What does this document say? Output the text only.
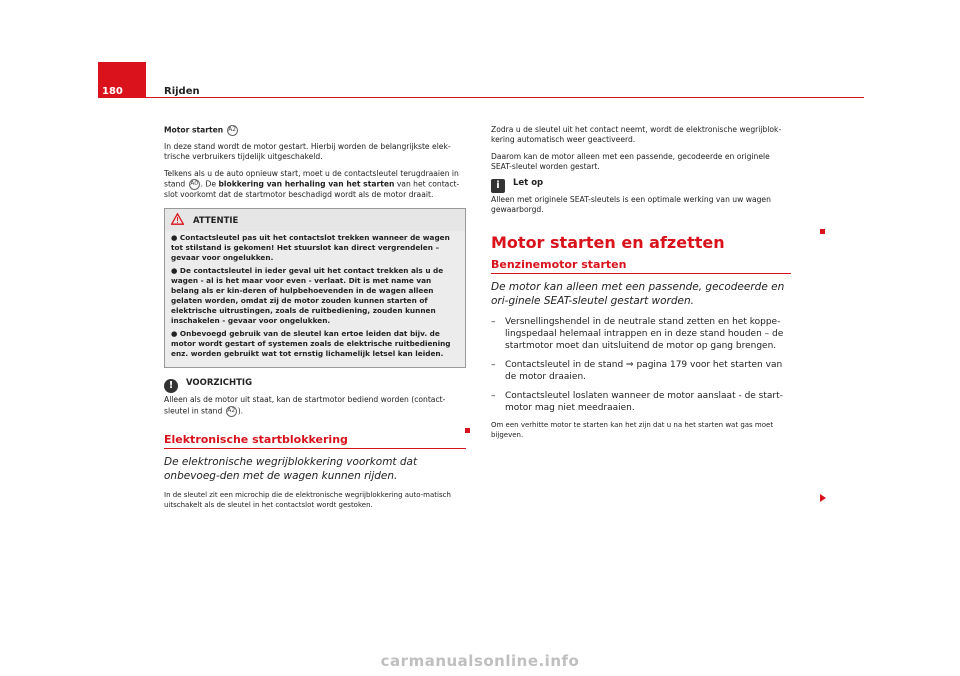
180	Rijden

Motor starten A2

In deze stand wordt de motor gestart. Hierbij worden de belangrijkste elek-trische verbruikers tijdelijk uitgeschakeld.

Telkens als u de auto opnieuw start, moet u de contactsleutel terugdraaien in stand A0 . De blokkering van herhaling van het starten van het contact-slot voorkomt dat de startmotor beschadigd wordt als de motor draait.

ATTENTIE
● Contactsleutel pas uit het contactslot trekken wanneer de wagen tot stilstand is gekomen! Het stuurslot kan direct vergrendelen – gevaar voor ongelukken.
● De contactsleutel in ieder geval uit het contact trekken als u de wagen - al is het maar voor even - verlaat. Dit is met name van belang als er kin-deren of hulpbehoevenden in de wagen alleen gelaten worden, omdat zij de motor zouden kunnen starten of elektrische uitrustingen, zoals de ruitbediening, zouden kunnen inschakelen - gevaar voor ongelukken.
● Onbevoegd gebruik van de sleutel kan ertoe leiden dat bijv. de motor wordt gestart of systemen zoals de elektrische ruitbediening enz. worden gebruikt wat tot ernstig lichamelijk letsel kan leiden.
! VOORZICHTIG

Alleen als de motor uit staat, kan de startmotor bediend worden (contact-sleutel in stand A2 ).

Elektronische startblokkering
De elektronische wegrijblokkering voorkomt dat onbevoeg-den met de wagen kunnen rijden.

In de sleutel zit een microchip die de elektronische wegrijblokkering auto-matisch uitschakelt als de sleutel in het contactslot wordt gestoken.

Zodra u de sleutel uit het contact neemt, wordt de elektronische wegrijblok-kering automatisch weer geactiveerd.

Daarom kan de motor alleen met een passende, gecodeerde en originele SEAT-sleutel worden gestart.

i Let op

Alleen met originele SEAT-sleutels is een optimale werking van uw wagen gewaarborgd.

Motor starten en afzetten
Benzinemotor starten
De motor kan alleen met een passende, gecodeerde en ori-ginele SEAT-sleutel gestart worden.
– Versnellingshendel in de neutrale stand zetten en het koppe-lingspedaal helemaal intrappen en in deze stand houden – de startmotor moet dan uitsluitend de motor op gang brengen.
– Contactsleutel in de stand ⇒ pagina 179 voor het starten van de motor draaien.
– Contactsleutel loslaten wanneer de motor aanslaat - de start-motor mag niet meedraaien.

Om een verhitte motor te starten kan het zijn dat u na het starten wat gas moet bijgeven.

carmanualsonline.info
